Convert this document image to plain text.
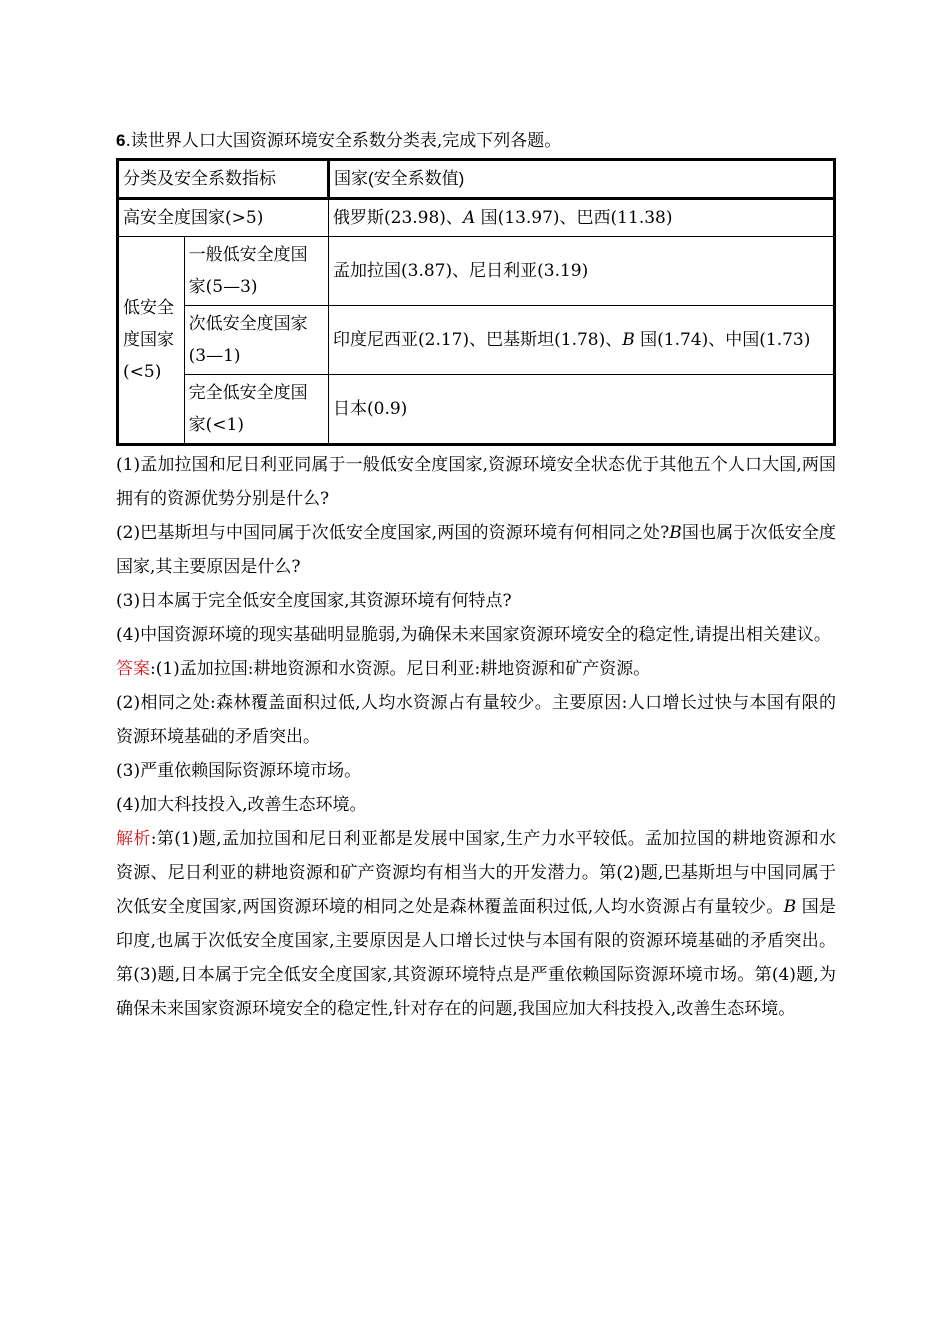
6.读世界人口大国资源环境安全系数分类表,完成下列各题。

分类及安全系数指标		国家(安全系数值)
高安全度国家(>5)		俄罗斯(23.98)、A 国(13.97)、巴西(11.38)
低安全度国家(<5)	一般低安全度国家(5—3)	孟加拉国(3.87)、尼日利亚(3.19)
	次低安全度国家(3—1)	印度尼西亚(2.17)、巴基斯坦(1.78)、B 国(1.74)、中国(1.73)
	完全低安全度国家(<1)	日本(0.9)

(1)孟加拉国和尼日利亚同属于一般低安全度国家,资源环境安全状态优于其他五个人口大国,两国拥有的资源优势分别是什么?

(2)巴基斯坦与中国同属于次低安全度国家,两国的资源环境有何相同之处?B国也属于次低安全度国家,其主要原因是什么?

(3)日本属于完全低安全度国家,其资源环境有何特点?

(4)中国资源环境的现实基础明显脆弱,为确保未来国家资源环境安全的稳定性,请提出相关建议。

答案:(1)孟加拉国:耕地资源和水资源。尼日利亚:耕地资源和矿产资源。

(2)相同之处:森林覆盖面积过低,人均水资源占有量较少。主要原因:人口增长过快与本国有限的资源环境基础的矛盾突出。

(3)严重依赖国际资源环境市场。

(4)加大科技投入,改善生态环境。

解析:第(1)题,孟加拉国和尼日利亚都是发展中国家,生产力水平较低。孟加拉国的耕地资源和水资源、尼日利亚的耕地资源和矿产资源均有相当大的开发潜力。第(2)题,巴基斯坦与中国同属于次低安全度国家,两国资源环境的相同之处是森林覆盖面积过低,人均水资源占有量较少。B 国是印度,也属于次低安全度国家,主要原因是人口增长过快与本国有限的资源环境基础的矛盾突出。第(3)题,日本属于完全低安全度国家,其资源环境特点是严重依赖国际资源环境市场。第(4)题,为确保未来国家资源环境安全的稳定性,针对存在的问题,我国应加大科技投入,改善生态环境。
